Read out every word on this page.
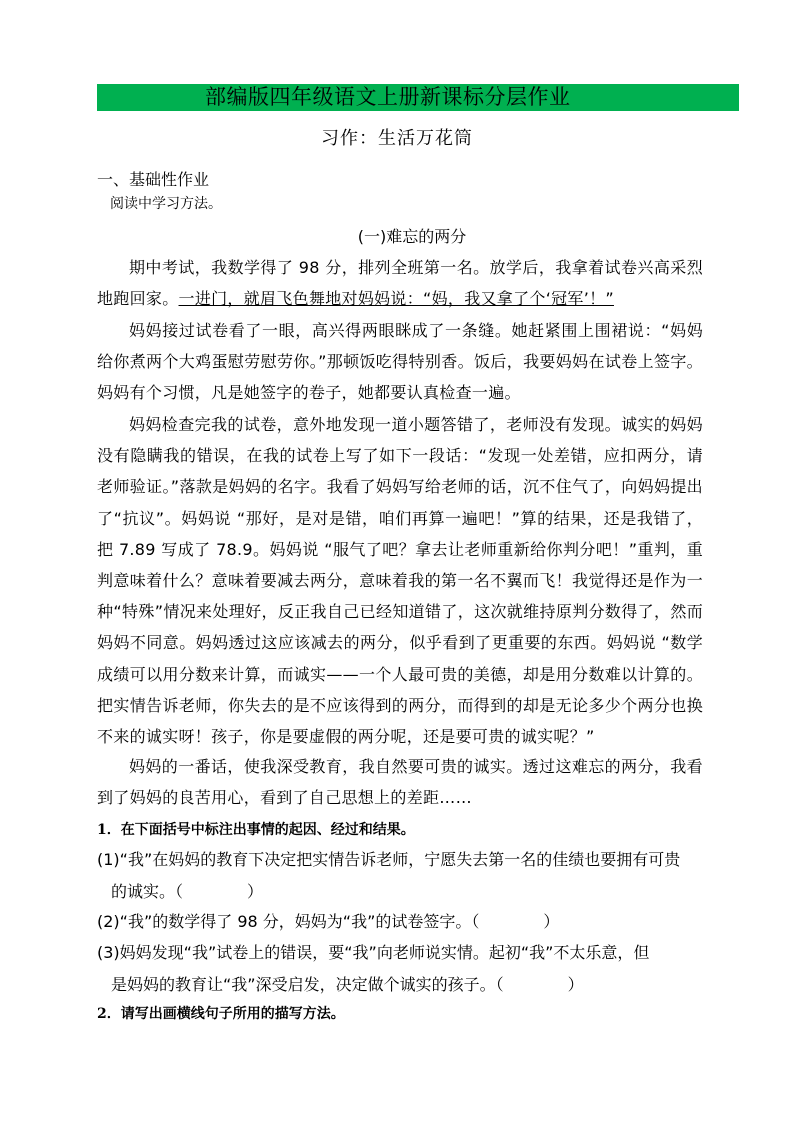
部编版四年级语文上册新课标分层作业
习作：生活万花筒
一、基础性作业
阅读中学习方法。
(一)难忘的两分

期中考试，我数学得了 98 分，排列全班第一名。放学后，我拿着试卷兴高采烈地跑回家。一进门，就眉飞色舞地对妈妈说：“妈，我又拿了个‘冠军’！”

妈妈接过试卷看了一眼，高兴得两眼眯成了一条缝。她赶紧围上围裙说：“妈妈给你煮两个大鸡蛋慰劳慰劳你。”那顿饭吃得特别香。饭后，我要妈妈在试卷上签字。妈妈有个习惯，凡是她签字的卷子，她都要认真检查一遍。

妈妈检查完我的试卷，意外地发现一道小题答错了，老师没有发现。诚实的妈妈没有隐瞒我的错误，在我的试卷上写了如下一段话：“发现一处差错，应扣两分，请老师验证。”落款是妈妈的名字。我看了妈妈写给老师的话，沉不住气了，向妈妈提出了“抗议”。妈妈说 “那好，是对是错，咱们再算一遍吧！”算的结果，还是我错了，把 7.89 写成了 78.9。妈妈说 “服气了吧？拿去让老师重新给你判分吧！”重判，重判意味着什么？意味着要减去两分，意味着我的第一名不翼而飞！我觉得还是作为一种“特殊”情况来处理好，反正我自己已经知道错了，这次就维持原判分数得了，然而妈妈不同意。妈妈透过这应该减去的两分，似乎看到了更重要的东西。妈妈说 “数学成绩可以用分数来计算，而诚实——一个人最可贵的美德，却是用分数难以计算的。把实情告诉老师，你失去的是不应该得到的两分，而得到的却是无论多少个两分也换不来的诚实呀！孩子，你是要虚假的两分呢，还是要可贵的诚实呢？”

妈妈的一番话，使我深受教育，我自然要可贵的诚实。透过这难忘的两分，我看到了妈妈的良苦用心，看到了自己思想上的差距……

1．在下面括号中标注出事情的起因、经过和结果。
(1)“我”在妈妈的教育下决定把实情告诉老师，宁愿失去第一名的佳绩也要拥有可贵
的诚实。（　　　　）
(2)“我”的数学得了 98 分，妈妈为“我”的试卷签字。（　　　　）
(3)妈妈发现“我”试卷上的错误，要“我”向老师说实情。起初“我”不太乐意，但
是妈妈的教育让“我”深受启发，决定做个诚实的孩子。（　　　　）
2．请写出画横线句子所用的描写方法。
